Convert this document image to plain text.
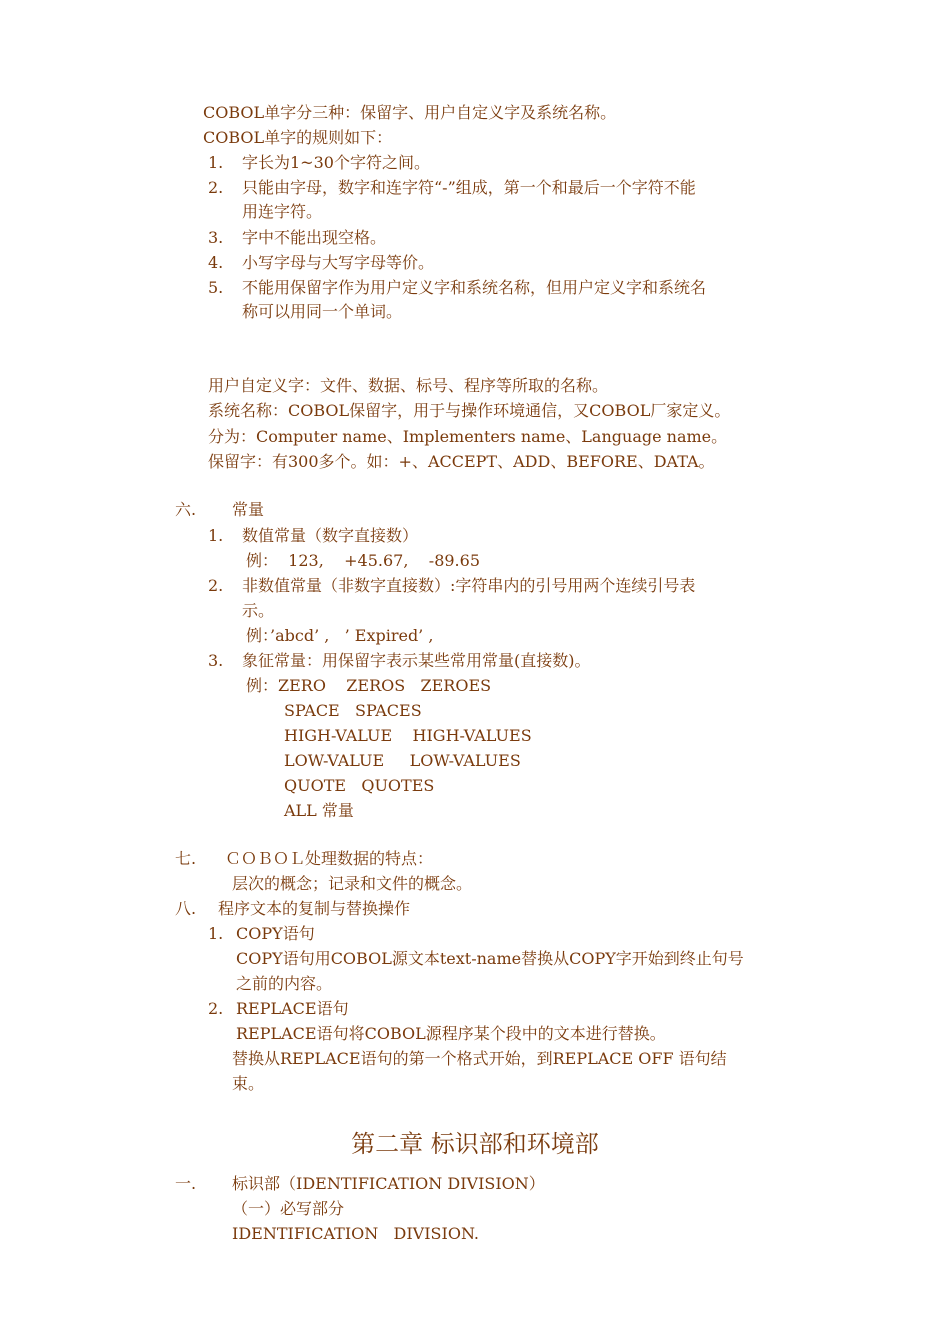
COBOL单字分三种：保留字、用户自定义字及系统名称。
COBOL单字的规则如下：
1. 字长为1~30个字符之间。
2. 只能由字母，数字和连字符“-”组成，第一个和最后一个字符不能
用连字符。
3. 字中不能出现空格。
4. 小写字母与大写字母等价。
5. 不能用保留字作为用户定义字和系统名称，但用户定义字和系统名
称可以用同一个单词。
用户自定义字：文件、数据、标号、程序等所取的名称。
系统名称：COBOL保留字，用于与操作环境通信，又COBOL厂家定义。
分为：Computer name、Implementers name、Language name。
保留字：有300多个。如：+、ACCEPT、ADD、BEFORE、DATA。
六. 常量
1. 数值常量（数字直接数）
例：  123,    +45.67,    -89.65
2. 非数值常量（非数字直接数）:字符串内的引号用两个连续引号表
示。
例：’abcd’ ,   ’ Expired’ ,
3. 象征常量：用保留字表示某些常用常量(直接数)。
例：ZERO    ZEROS   ZEROES
SPACE   SPACES
HIGH-VALUE    HIGH-VALUES
LOW-VALUE     LOW-VALUES
QUOTE   QUOTES
ALL 常量
七. ＣＯＢＯＬ处理数据的特点：
层次的概念；记录和文件的概念。
八. 程序文本的复制与替换操作
1. COPY语句
COPY语句用COBOL源文本text-name替换从COPY字开始到终止句号
之前的内容。
2. REPLACE语句
REPLACE语句将COBOL源程序某个段中的文本进行替换。
替换从REPLACE语句的第一个格式开始，到REPLACE OFF 语句结
束。
第二章 标识部和环境部
一. 标识部（IDENTIFICATION DIVISION）
（一）必写部分
IDENTIFICATION   DIVISION.
